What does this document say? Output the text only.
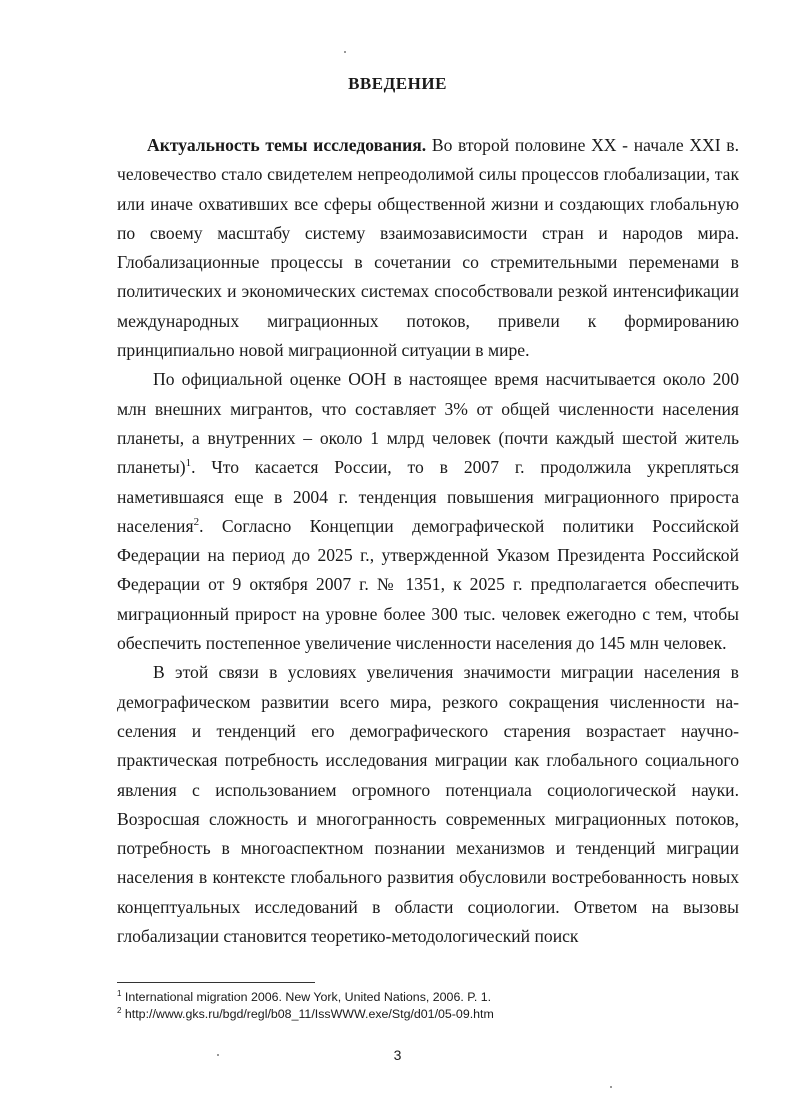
ВВЕДЕНИЕ

Актуальность темы исследования. Во второй половине XX - начале XXI в. человечество стало свидетелем непреодолимой силы процессов глобализации, так или иначе охвативших все сферы общественной жизни и создающих глобальную по своему масштабу систему взаимозависимости стран и народов мира. Глобализационные процессы в сочетании со стремительными переменами в политических и экономических системах способствовали резкой интенсификации международных миграционных потоков, привели к формированию принципиально новой миграционной ситуации в мире.

По официальной оценке ООН в настоящее время насчитывается около 200 млн внешних мигрантов, что составляет 3% от общей численности населения планеты, а внутренних – около 1 млрд человек (почти каждый шестой житель планеты)$^1$. Что касается России, то в 2007 г. продолжила укрепляться наметившаяся еще в 2004 г. тенденция повышения миграционного прироста населения$^2$. Согласно Концепции демографической политики Российской Федерации на период до 2025 г., утвержденной Указом Президента Российской Федерации от 9 октября 2007 г. № 1351, к 2025 г. предполагается обеспечить миграционный прирост на уровне более 300 тыс. человек ежегодно с тем, чтобы обеспечить постепенное увеличение численности населения до 145 млн человек.

В этой связи в условиях увеличения значимости миграции населения в демографическом развитии всего мира, резкого сокращения численности населения и тенденций его демографического старения возрастает научно-практическая потребность исследования миграции как глобального социального явления с использованием огромного потенциала социологической науки. Возросшая сложность и многогранность современных миграционных потоков, потребность в многоаспектном познании механизмов и тенденций миграции населения в контексте глобального развития обусловили востребованность новых концептуальных исследований в области социологии. Ответом на вызовы глобализации становится теоретико-методологический поиск

$^1$ International migration 2006. New York, United Nations, 2006. P. 1.

$^2$ http://www.gks.ru/bgd/regl/b08_11/IssWWW.exe/Stg/d01/05-09.htm

3
